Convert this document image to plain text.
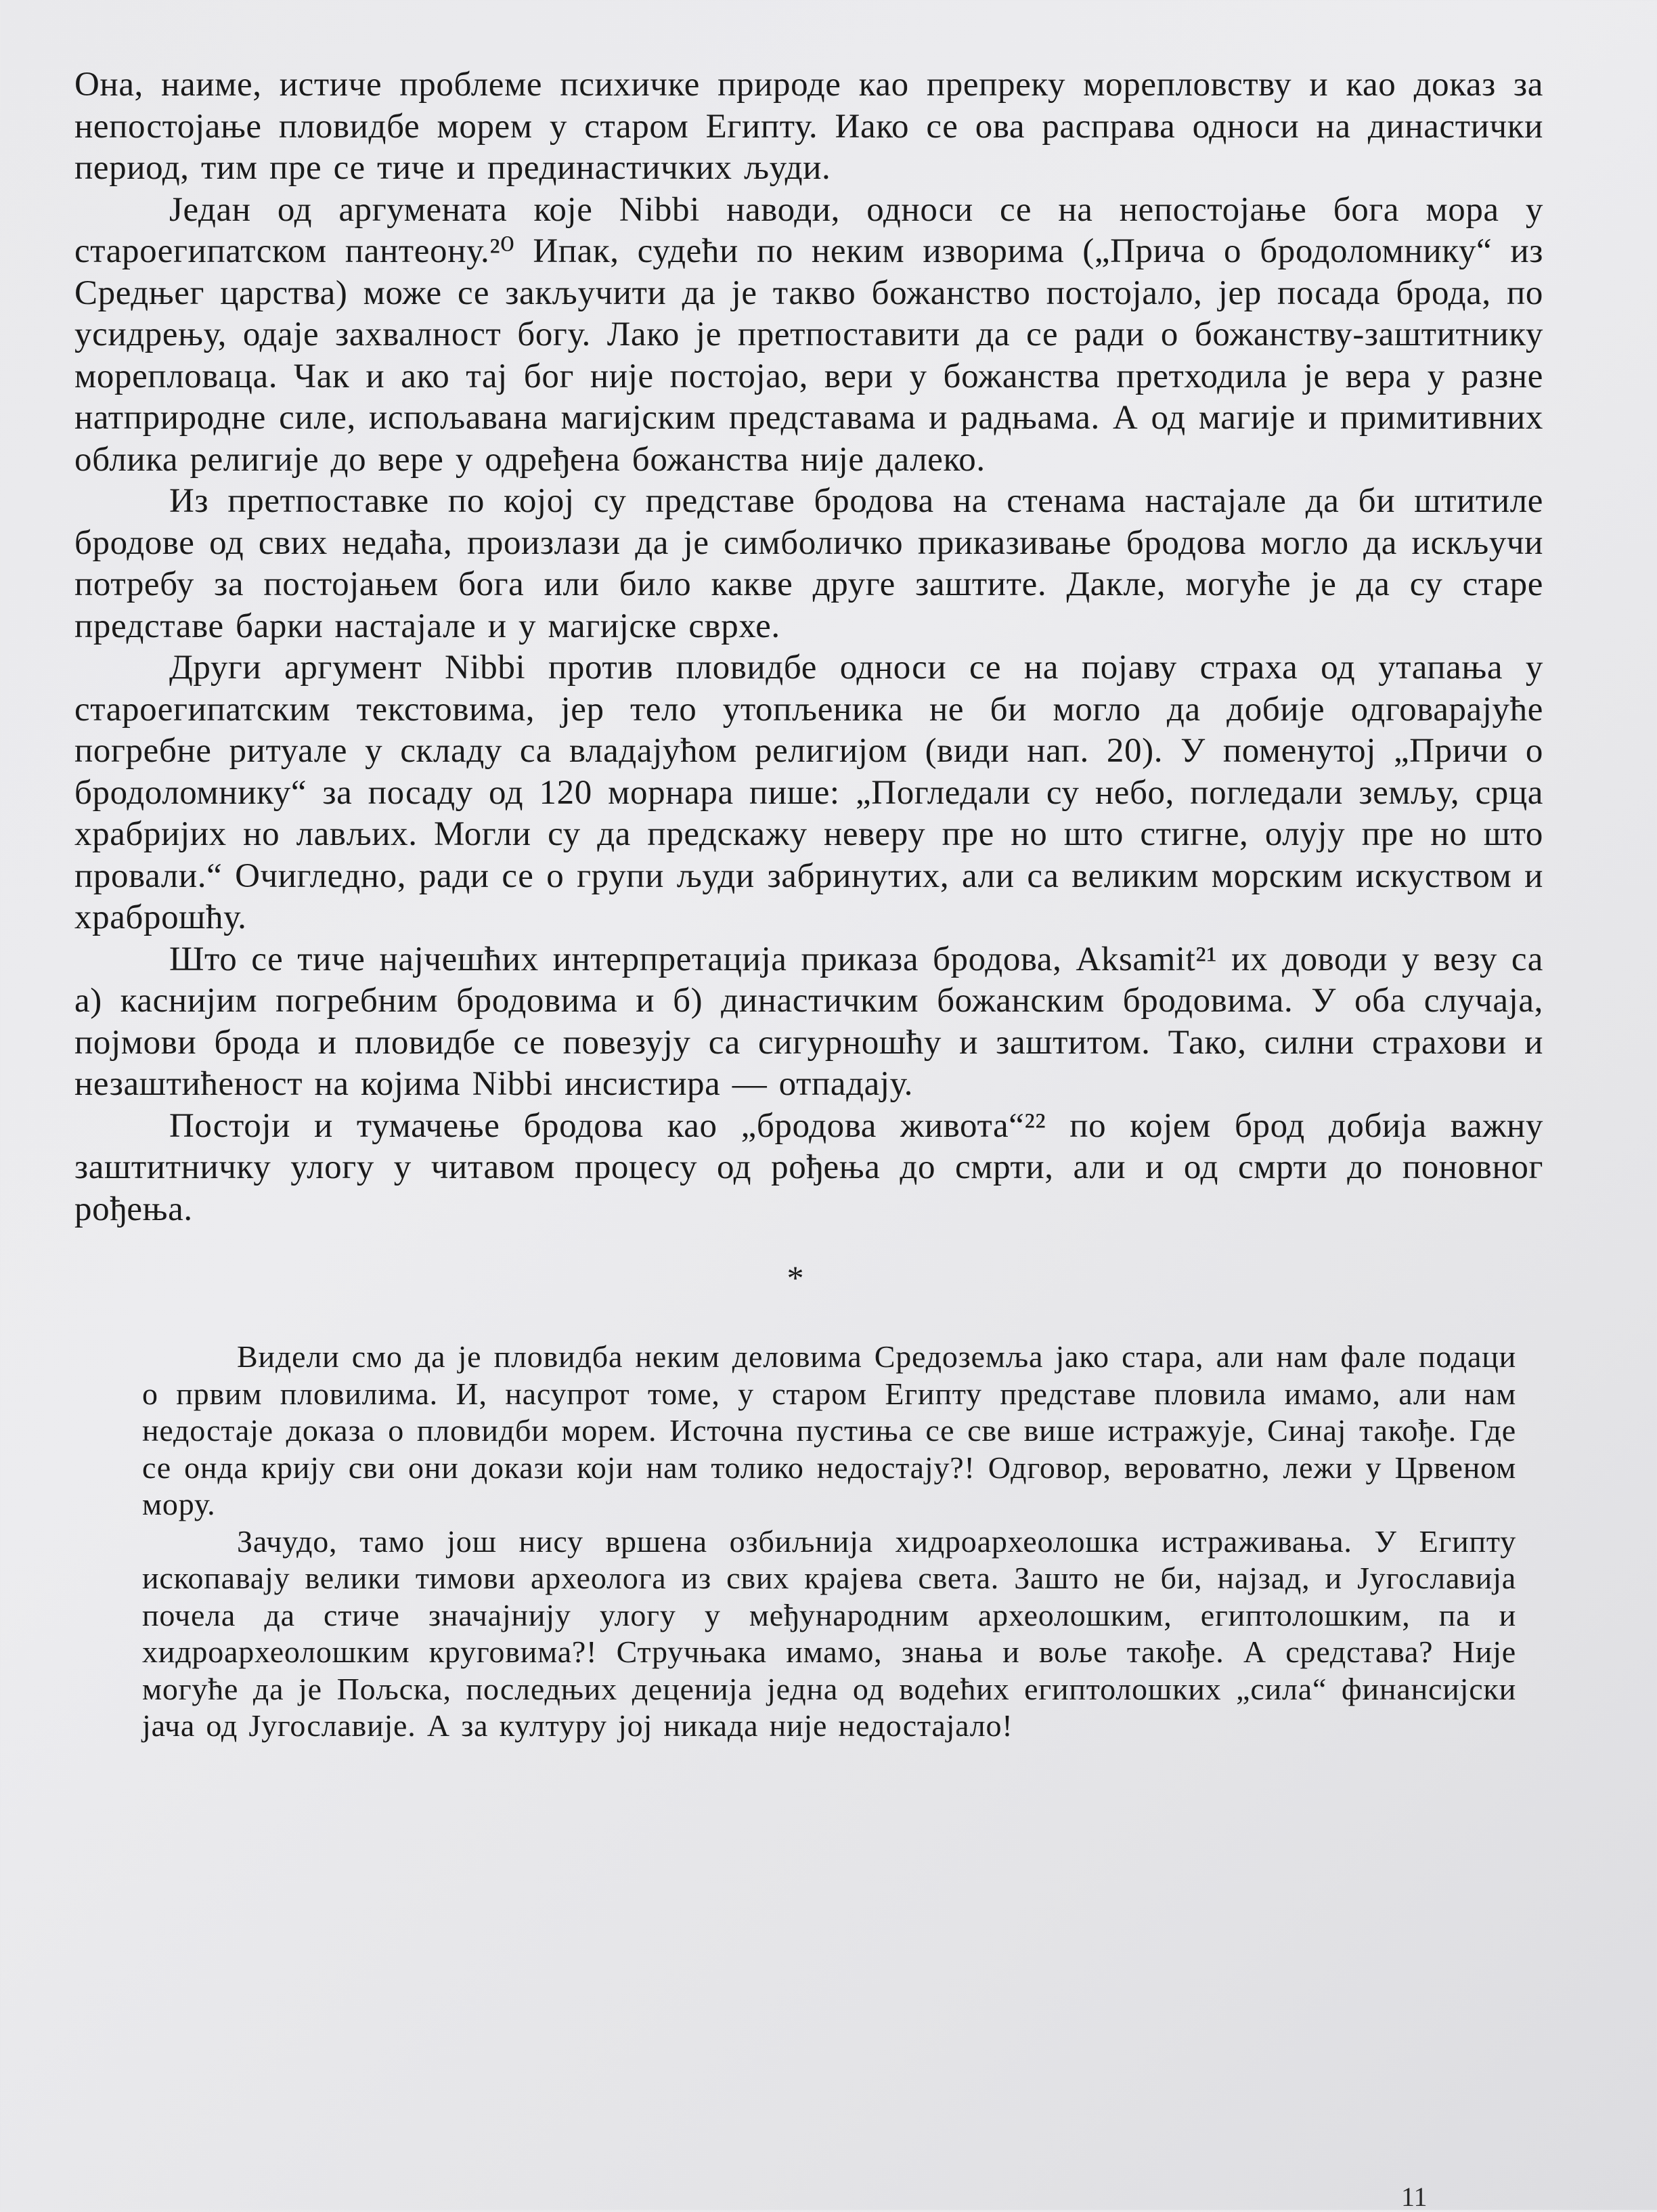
Она, наиме, истиче проблеме психичке природе као препреку морепловству и као доказ за непостојање пловидбе морем у старом Египту. Иако се ова расправа односи на династички период, тим пре се тиче и прединастичких људи.

Један од аргумената које Nibbi наводи, односи се на непостојање бога мора у староегипатском пантеону.²⁰ Ипак, судећи по неким изворима („Прича о бродоломнику“ из Средњег царства) може се закључити да је такво божанство постојало, јер посада брода, по усидрењу, одаје захвалност богу. Лако је претпоставити да се ради о божанству-заштитнику морепловаца. Чак и ако тај бог није постојао, вери у божанства претходила је вера у разне натприродне силе, испољавана магијским представама и радњама. А од магије и примитивних облика религије до вере у одређена божанства није далеко.

Из претпоставке по којој су представе бродова на стенама настајале да би штитиле бродове од свих недаћа, произлази да је симболичко приказивање бродова могло да искључи потребу за постојањем бога или било какве друге заштите. Дакле, могуће је да су старе представе барки настајале и у магијске сврхе.

Други аргумент Nibbi против пловидбе односи се на појаву страха од утапања у староегипатским текстовима, јер тело утопљеника не би могло да добије одговарајуће погребне ритуале у складу са владајућом религијом (види нап. 20). У поменутој „Причи о бродоломнику“ за посаду од 120 морнара пише: „Погледали су небо, погледали земљу, срца храбријих но лављих. Могли су да предскажу неверу пре но што стигне, олују пре но што провали.“ Очигледно, ради се о групи људи забринутих, али са великим морским искуством и храброшћу.

Што се тиче најчешћих интерпретација приказа бродова, Aksamit²¹ их доводи у везу са а) каснијим погребним бродовима и б) династичким божанским бродовима. У оба случаја, појмови брода и пловидбе се повезују са сигурношћу и заштитом. Тако, силни страхови и незаштићеност на којима Nibbi инсистира — отпадају.

Постоји и тумачење бродова као „бродова живота“²² по којем брод добија важну заштитничку улогу у читавом процесу од рођења до смрти, али и од смрти до поновног рођења.

*

Видели смо да је пловидба неким деловима Средоземља јако стара, али нам фале подаци о првим пловилима. И, насупрот томе, у старом Египту представе пловила имамо, али нам недостаје доказа о пловидби морем. Источна пустиња се све више истражује, Синај такође. Где се онда крију сви они докази који нам толико недостају?! Одговор, вероватно, лежи у Црвеном мору.

Зачудо, тамо још нису вршена озбиљнија хидроархеолошка истраживања. У Египту ископавају велики тимови археолога из свих крајева света. Зашто не би, најзад, и Југославија почела да стиче значајнију улогу у међународним археолошким, египтолошким, па и хидроархеолошким круговима?! Стручњака имамо, знања и воље такође. А средстава? Није могуће да је Пољска, последњих деценија једна од водећих египтолошких „сила“ финансијски јача од Југославије. А за културу јој никада није недостајало!

11
